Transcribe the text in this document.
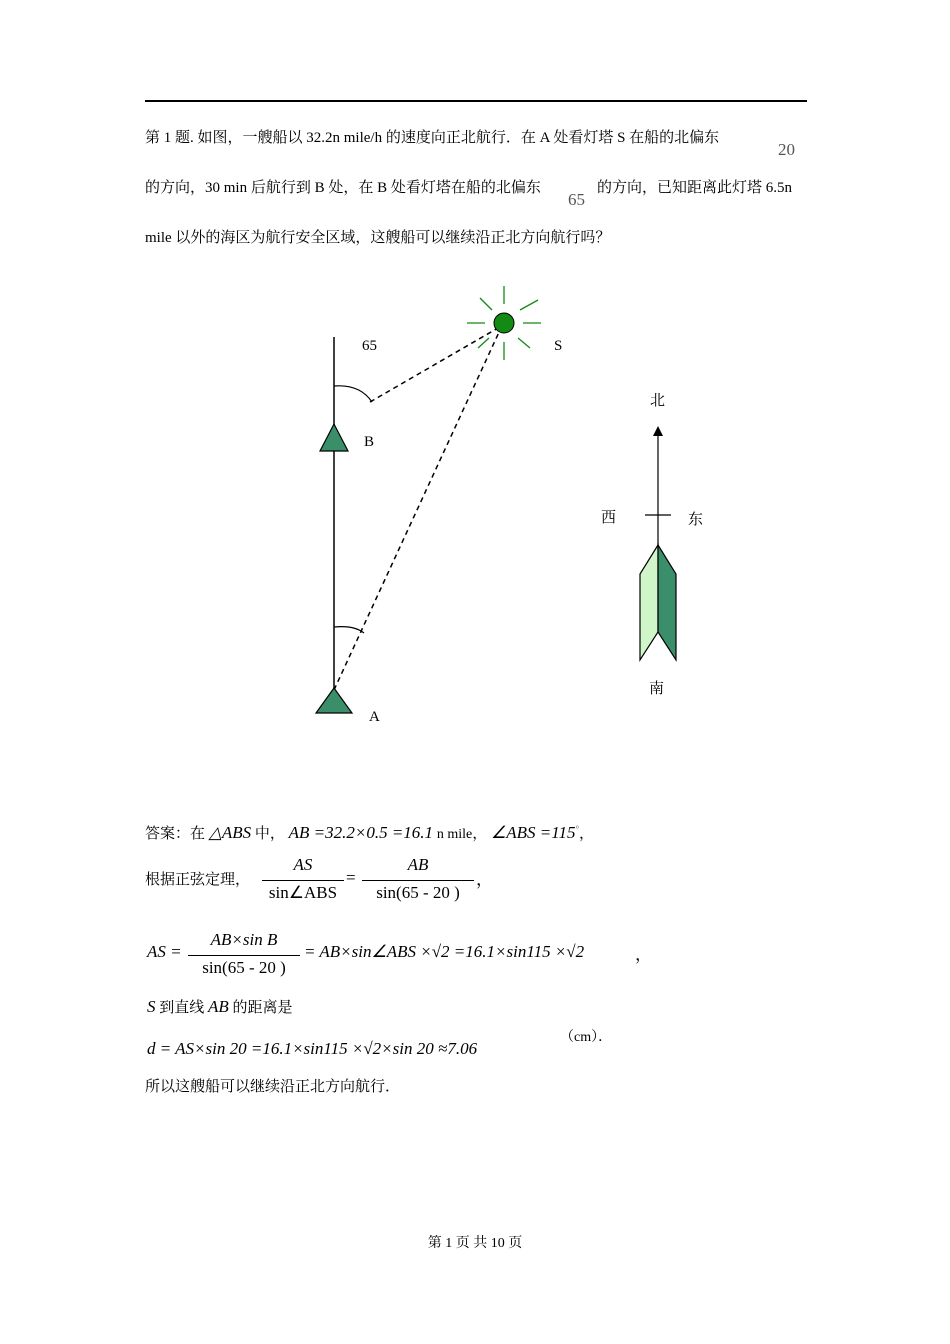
第 1 题. 如图，一艘船以 32.2n mile/h 的速度向正北航行．在 A 处看灯塔 S 在船的北偏东
20
的方向，30 min 后航行到 B 处，在 B 处看灯塔在船的北偏东
65
的方向，已知距离此灯塔 6.5n
mile 以外的海区为航行安全区域，这艘船可以继续沿正北方向航行吗？
65	S
B
A
北
西	东
南
答案：在 △ABS 中， AB =32.2×0.5 =16.1 n mile， ∠ABS =115°，
根据正弦定理，
AS
sin∠ABS
=
AB
sin(65 - 20 )
，
AS =
AB×sin B
sin(65 - 20 )
= AB×sin∠ABS ×√2 =16.1×sin115 ×√2	，
S 到直线 AB 的距离是
d = AS×sin 20 =16.1×sin115 ×√2×sin 20 ≈7.06
（cm）．
所以这艘船可以继续沿正北方向航行．
第 1 页 共 10 页
